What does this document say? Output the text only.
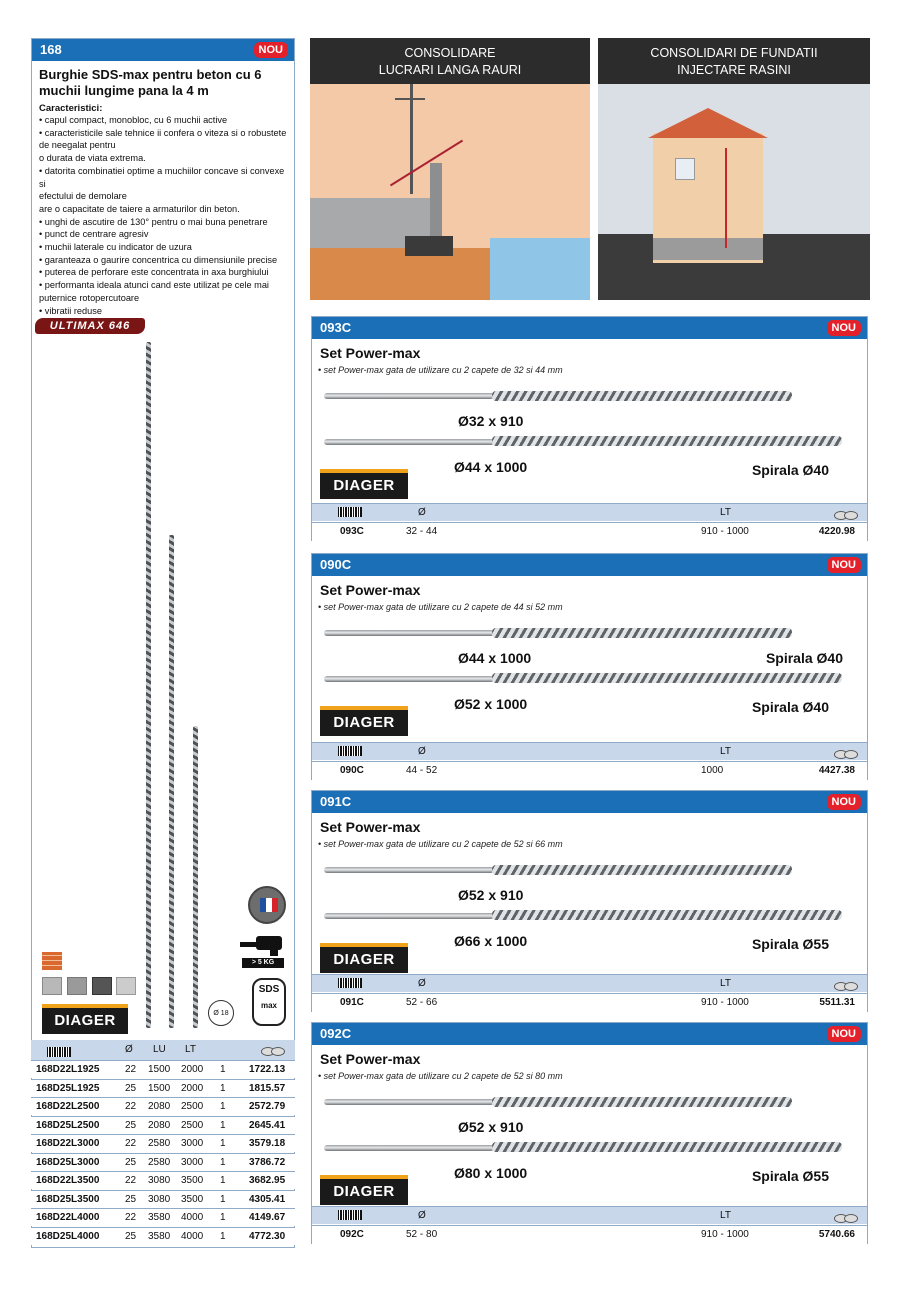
168	NOU
Burghie SDS-max pentru beton cu 6 muchii lungime pana la 4 m
Caracteristici:
• capul compact, monobloc, cu 6 muchii active
• caracteristicile sale tehnice ii confera o viteza si o robustete
de neegalat pentru
o durata de viata extrema.
• datorita combinatiei optime a muchiilor concave si convexe si
efectului de demolare
are o capacitate de taiere a armaturilor din beton.
• unghi de ascutire de 130° pentru o mai buna penetrare
• punct de centrare agresiv
• muchii laterale cu indicator de uzura
• garanteaza o gaurire concentrica cu dimensiunile precise
• puterea de perforare este concentrata in axa burghiului
• performanta ideala atunci cand este utilizat pe cele mai
puternice rotopercutoare
• vibratii reduse
ULTIMAX 646
> 5 KG
SDS
max
Ø 18
DIAGER
Ø LU LT
168D22L1925	22 1500 2000 1 1722.13
168D25L1925	25 1500 2000 1 1815.57
168D22L2500	22 2080 2500 1 2572.79
168D25L2500	25 2080 2500 1 2645.41
168D22L3000	22 2580 3000 1 3579.18
168D25L3000	25 2580 3000 1 3786.72
168D22L3500	22 3080 3500 1 3682.95
168D25L3500	25 3080 3500 1 4305.41
168D22L4000	22 3580 4000 1 4149.67
168D25L4000	25 3580 4000 1 4772.30
CONSOLIDARE
LUCRARI LANGA RAURI
CONSOLIDARI DE FUNDATII
INJECTARE RASINI
093C	NOU
Set Power-max
• set Power-max gata de utilizare cu 2 capete de 32 si 44 mm
Ø32 x 910
Ø44 x 1000	Spirala Ø40
DIAGER
Ø	LT
093C	32 - 44	910 - 1000	4220.98
090C	NOU
Set Power-max
• set Power-max gata de utilizare cu 2 capete de 44 si 52 mm
Ø44 x 1000
Ø52 x 1000
Spirala Ø40
Spirala Ø40
DIAGER
Ø	LT
090C	44 - 52	1000	4427.38
091C	NOU
Set Power-max
• set Power-max gata de utilizare cu 2 capete de 52 si 66 mm
Ø52 x 910
Ø66 x 1000	Spirala Ø55
DIAGER
Ø	LT
091C	52 - 66	910 - 1000	5511.31
092C	NOU
Set Power-max
• set Power-max gata de utilizare cu 2 capete de 52 si 80 mm
Ø52 x 910
Ø80 x 1000	Spirala Ø55
DIAGER
Ø	LT
092C	52 - 80	910 - 1000	5740.66
